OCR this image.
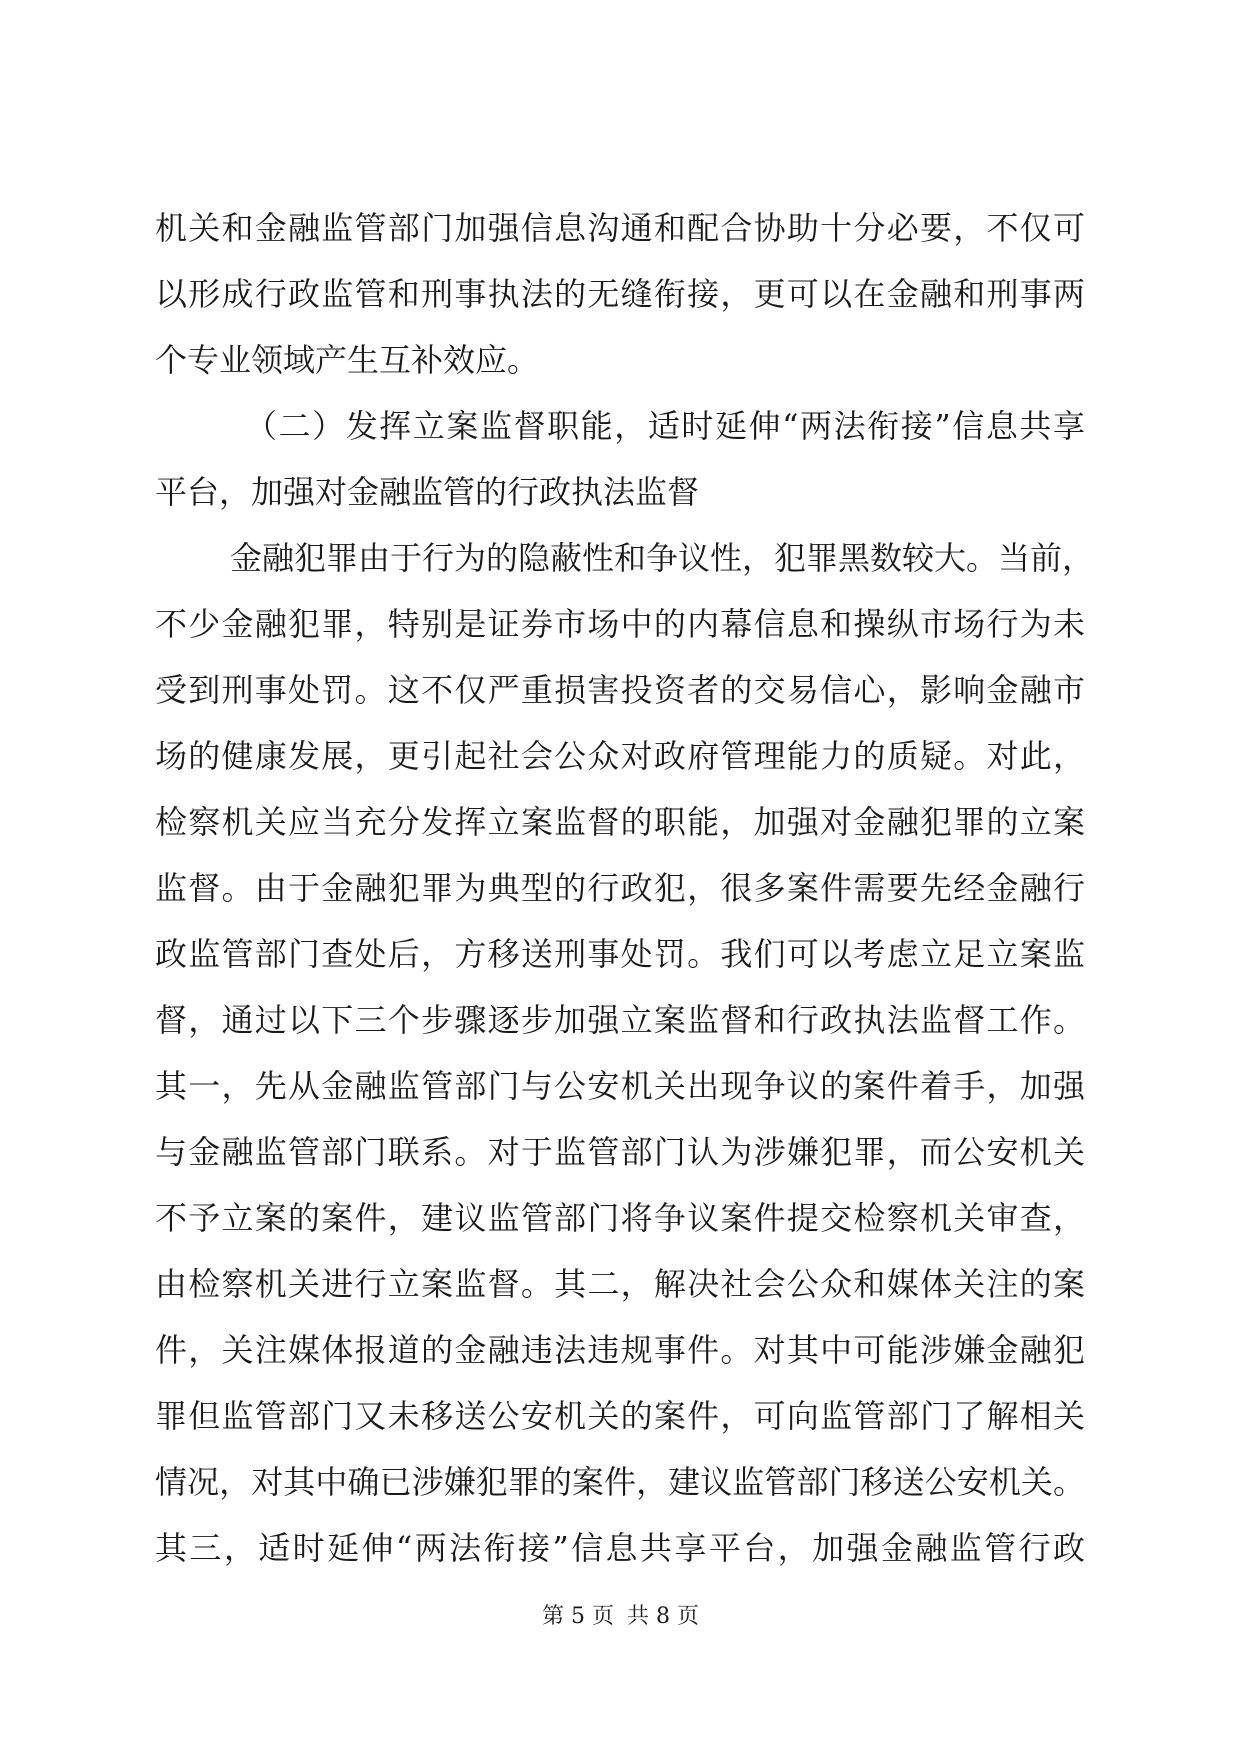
机关和金融监管部门加强信息沟通和配合协助十分必要，不仅可
以形成行政监管和刑事执法的无缝衔接，更可以在金融和刑事两
个专业领域产生互补效应。
（二）发挥立案监督职能，适时延伸“两法衔接”信息共享
平台，加强对金融监管的行政执法监督
金融犯罪由于行为的隐蔽性和争议性，犯罪黑数较大。当前，
不少金融犯罪，特别是证券市场中的内幕信息和操纵市场行为未
受到刑事处罚。这不仅严重损害投资者的交易信心，影响金融市
场的健康发展，更引起社会公众对政府管理能力的质疑。对此，
检察机关应当充分发挥立案监督的职能，加强对金融犯罪的立案
监督。由于金融犯罪为典型的行政犯，很多案件需要先经金融行
政监管部门查处后，方移送刑事处罚。我们可以考虑立足立案监
督，通过以下三个步骤逐步加强立案监督和行政执法监督工作。
其一，先从金融监管部门与公安机关出现争议的案件着手，加强
与金融监管部门联系。对于监管部门认为涉嫌犯罪，而公安机关
不予立案的案件，建议监管部门将争议案件提交检察机关审查，
由检察机关进行立案监督。其二，解决社会公众和媒体关注的案
件，关注媒体报道的金融违法违规事件。对其中可能涉嫌金融犯
罪但监管部门又未移送公安机关的案件，可向监管部门了解相关
情况，对其中确已涉嫌犯罪的案件，建议监管部门移送公安机关。
其三，适时延伸“两法衔接”信息共享平台，加强金融监管行政
第 5 页 共 8 页
